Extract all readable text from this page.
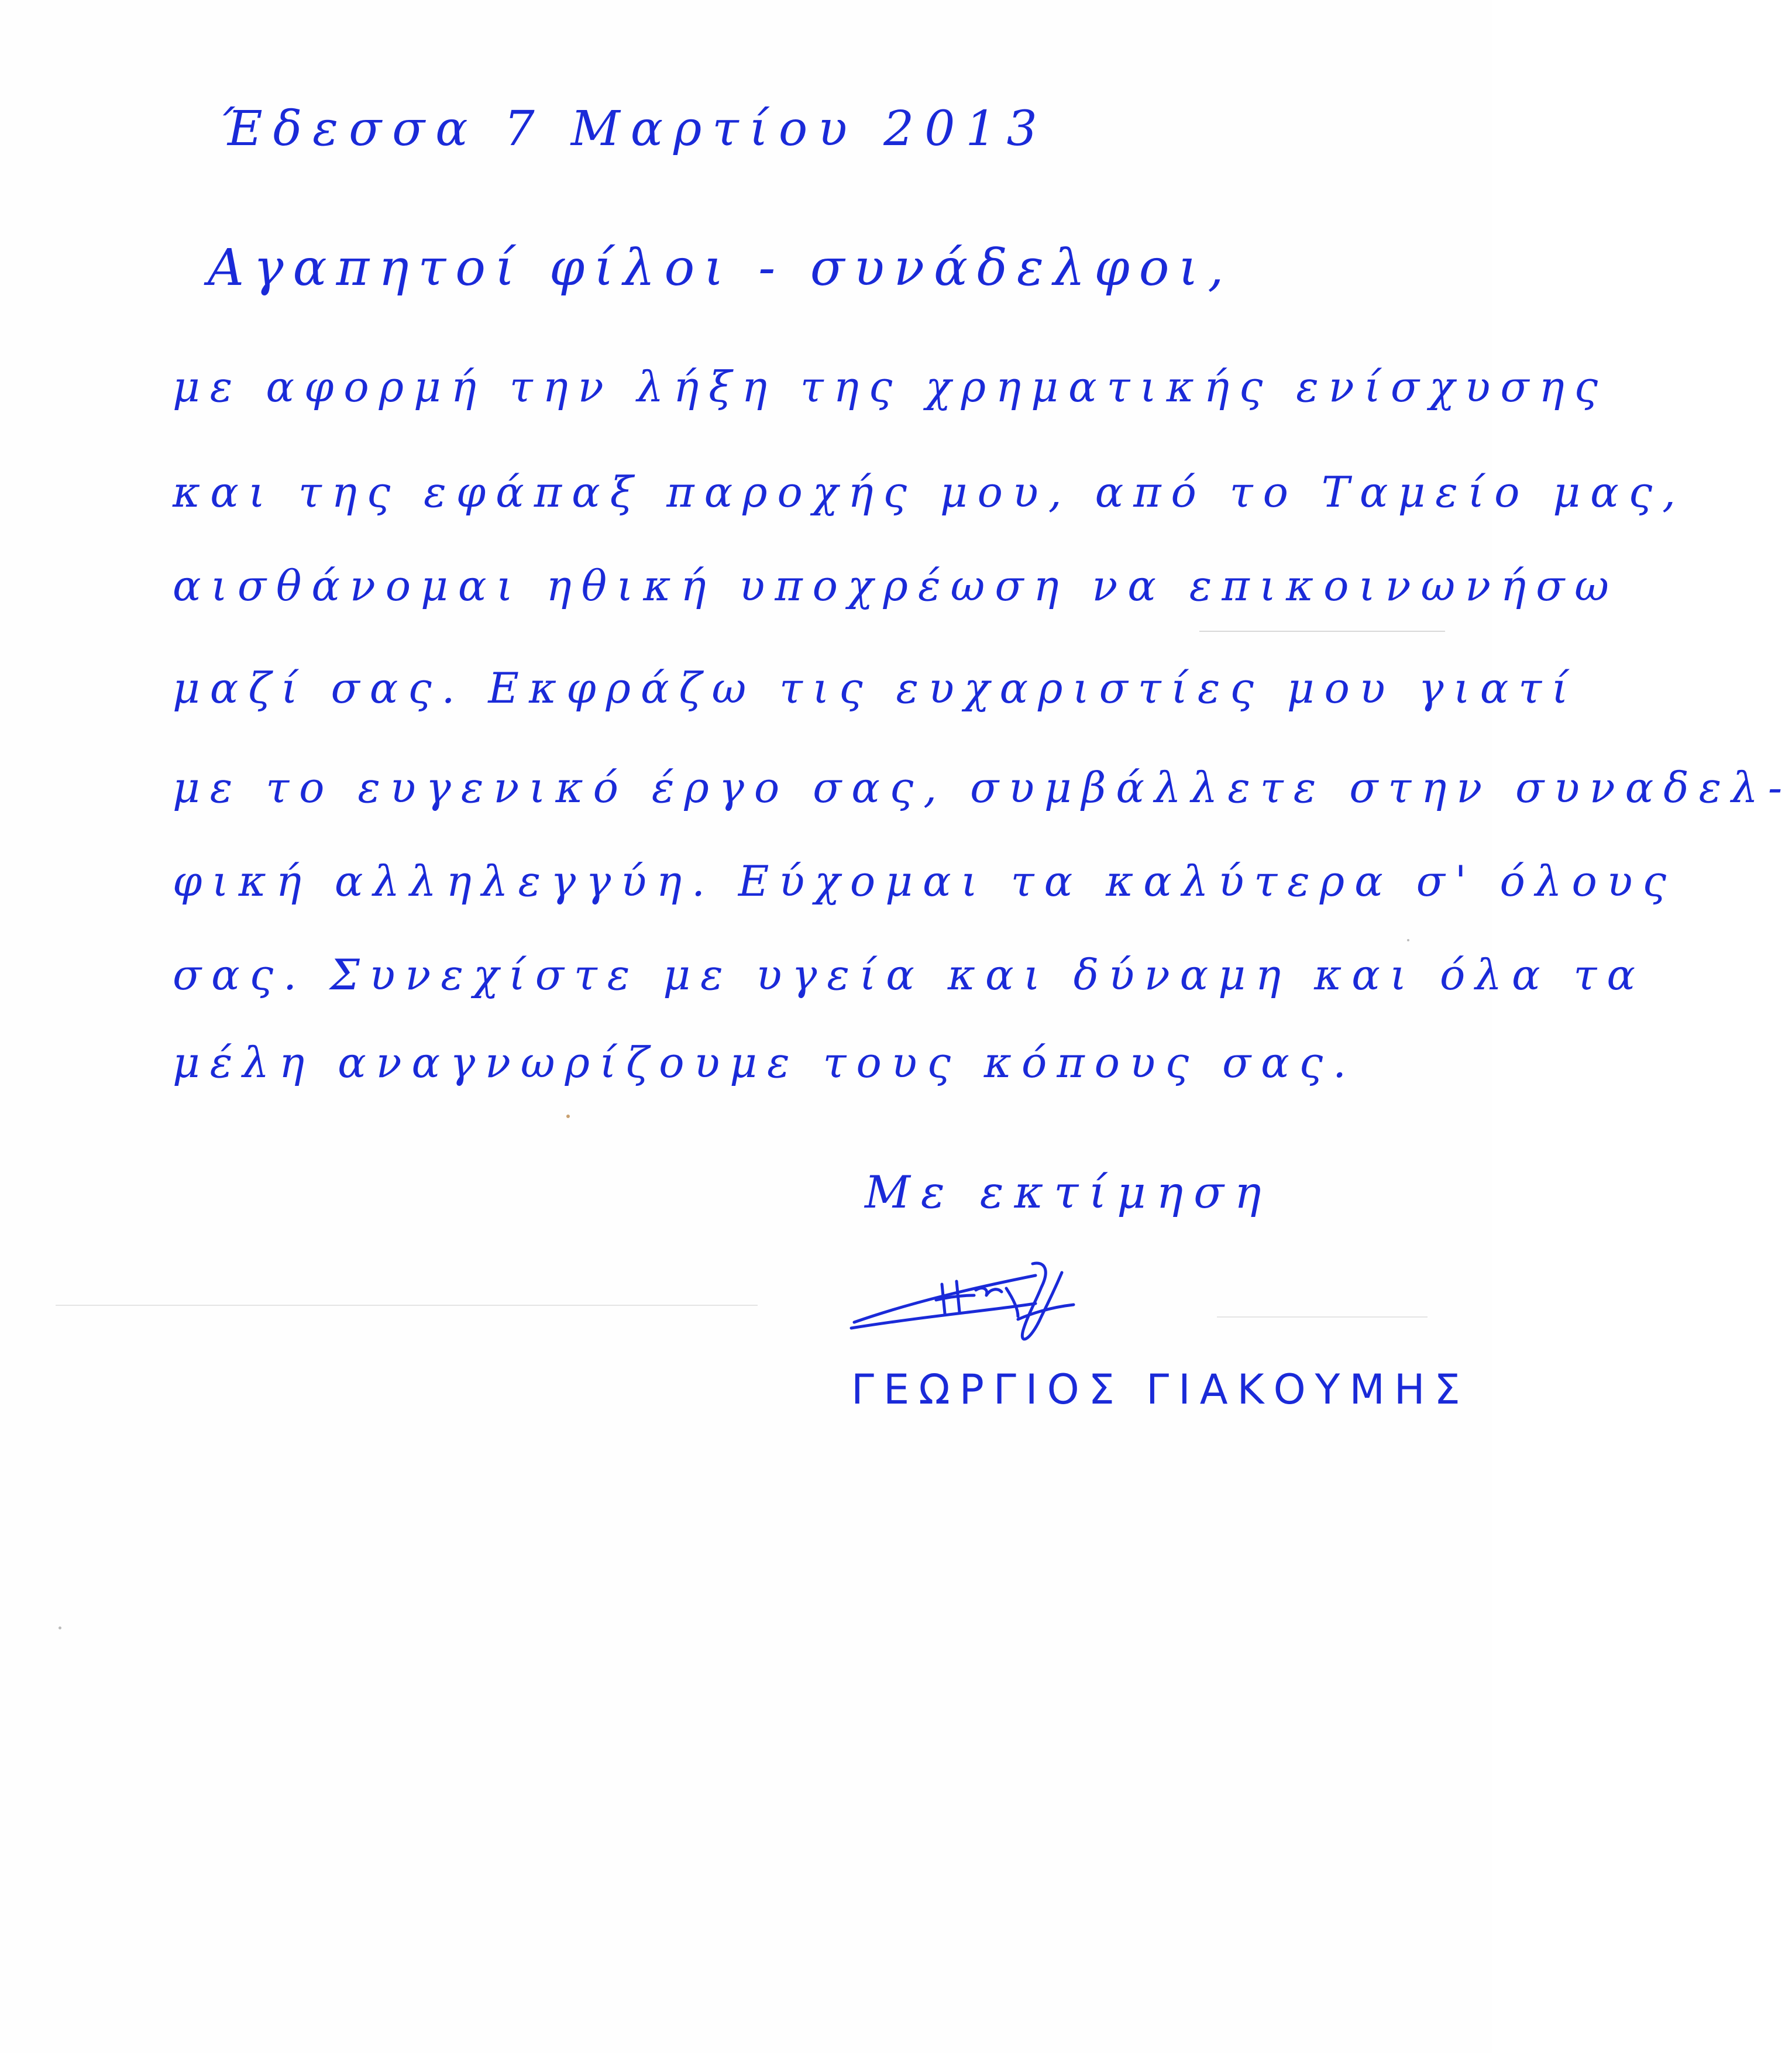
Έδεσσα 7 Μαρτίου 2013

Αγαπητοί φίλοι - συνάδελφοι,

με αφορμή την λήξη της χρηματικής ενίσχυσης

και της εφάπαξ παροχής μου, από το Ταμείο μας,

αισθάνομαι ηθική υποχρέωση να επικοινωνήσω

μαζί σας. Εκφράζω τις ευχαριστίες μου γιατί

με το ευγενικό έργο σας, συμβάλλετε στην συναδελ-

φική αλληλεγγύη. Εύχομαι τα καλύτερα σ' όλους

σας. Συνεχίστε με υγεία και δύναμη και όλα τα

μέλη αναγνωρίζουμε τους κόπους σας.

Με εκτίμηση

ΓΕΩΡΓΙΟΣ ΓΙΑΚΟΥΜΗΣ
